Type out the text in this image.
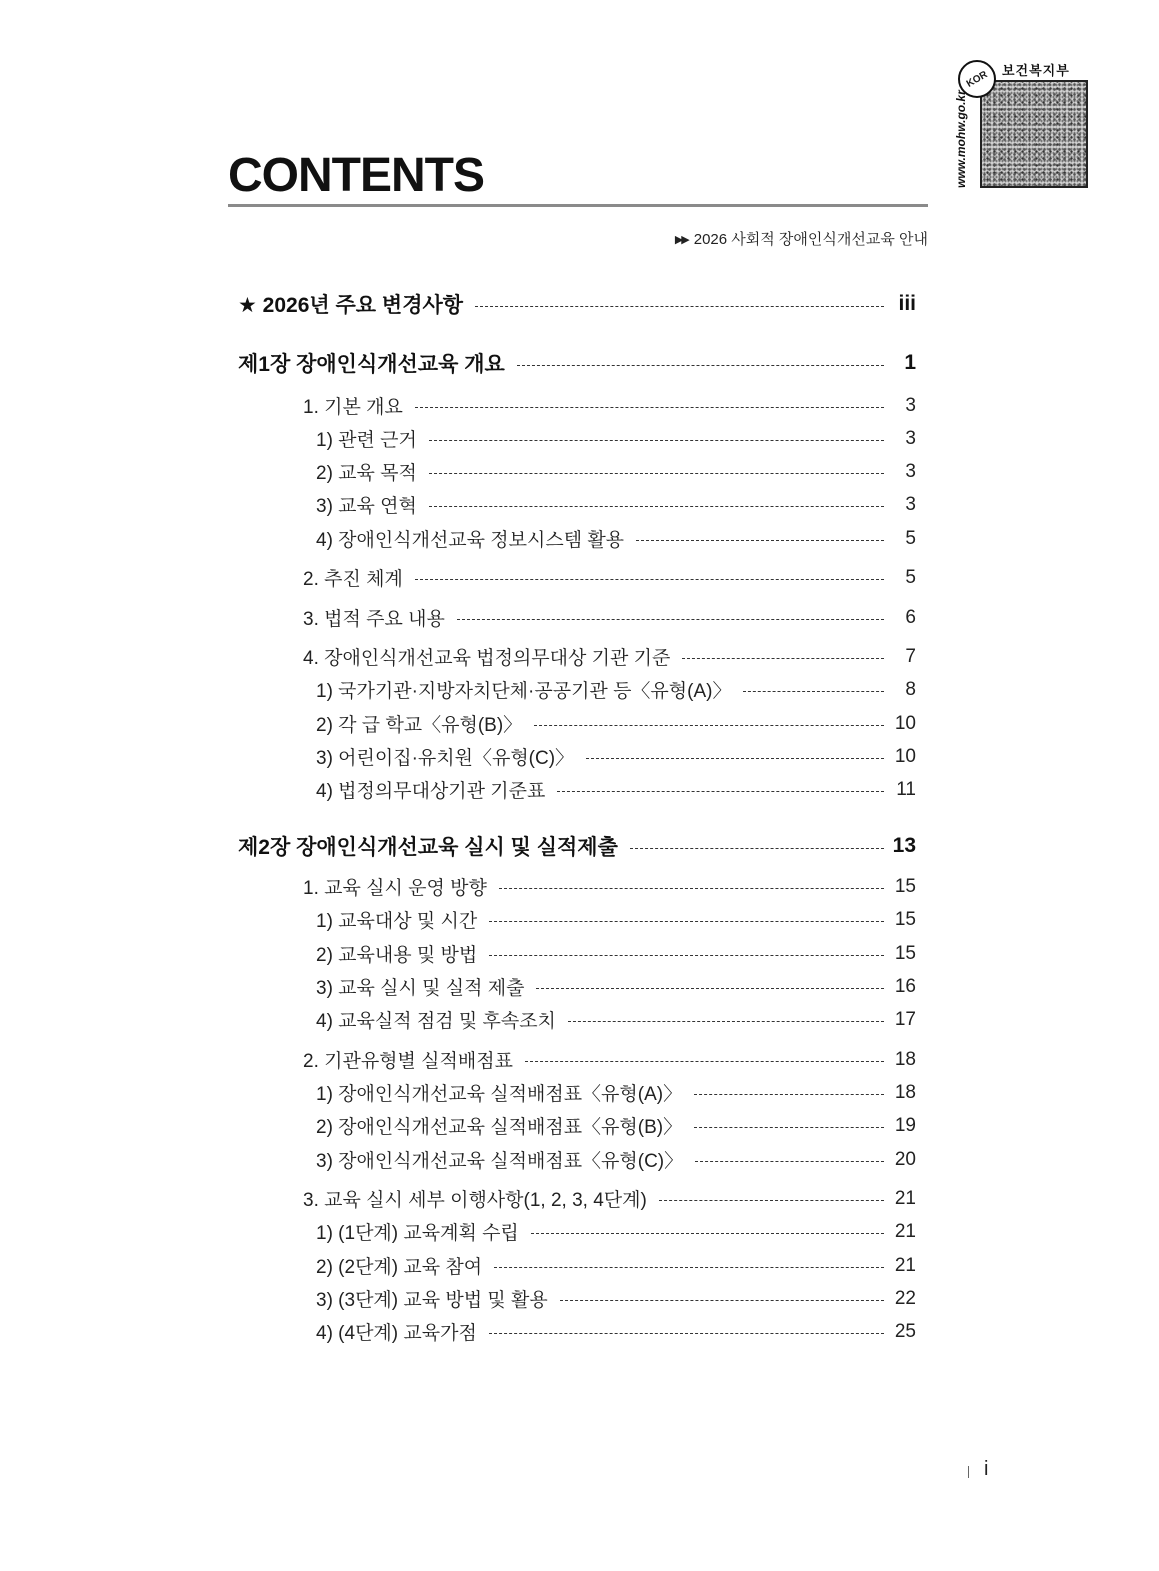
CONTENTS
▶▶ 2026 사회적 장애인식개선교육 안내
KOR 보건복지부
www.mohw.go.kr
★ 2026년 주요 변경사항	iii
제1장 장애인식개선교육 개요	1
1. 기본 개요	3
1) 관련 근거	3
2) 교육 목적	3
3) 교육 연혁	3
4) 장애인식개선교육 정보시스템 활용	5
2. 추진 체계	5
3. 법적 주요 내용	6
4. 장애인식개선교육 법정의무대상 기관 기준	7
1) 국가기관·지방자치단체·공공기관 등〈유형(A)〉	8
2) 각 급 학교〈유형(B)〉	10
3) 어린이집·유치원〈유형(C)〉	10
4) 법정의무대상기관 기준표	11
제2장 장애인식개선교육 실시 및 실적제출	13
1. 교육 실시 운영 방향	15
1) 교육대상 및 시간	15
2) 교육내용 및 방법	15
3) 교육 실시 및 실적 제출	16
4) 교육실적 점검 및 후속조치	17
2. 기관유형별 실적배점표	18
1) 장애인식개선교육 실적배점표〈유형(A)〉	18
2) 장애인식개선교육 실적배점표〈유형(B)〉	19
3) 장애인식개선교육 실적배점표〈유형(C)〉	20
3. 교육 실시 세부 이행사항(1, 2, 3, 4단계)	21
1) (1단계) 교육계획 수립	21
2) (2단계) 교육 참여	21
3) (3단계) 교육 방법 및 활용	22
4) (4단계) 교육가점	25
i
